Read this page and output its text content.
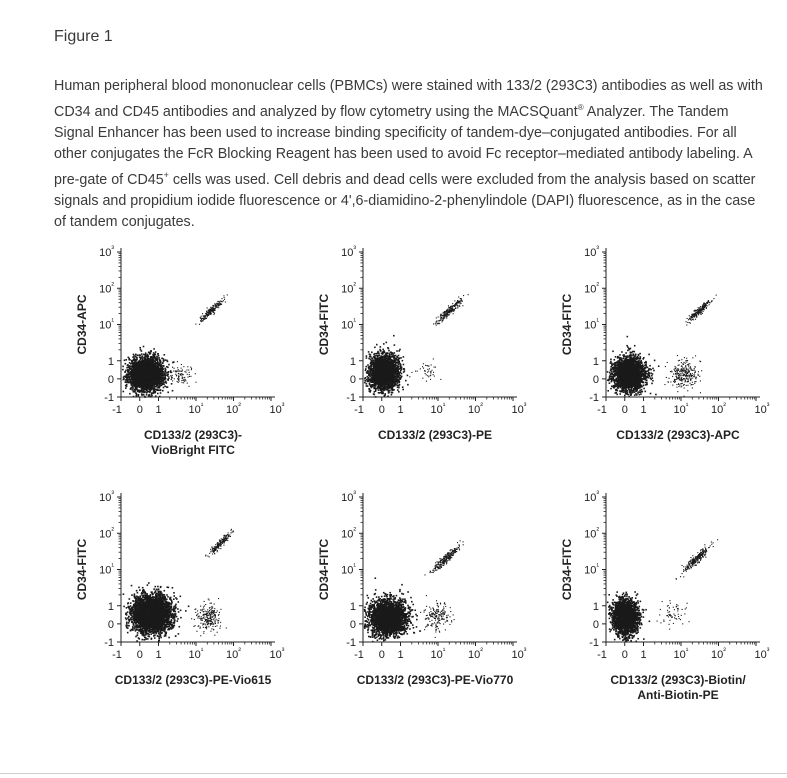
Figure 1
Human peripheral blood mononuclear cells (PBMCs) were stained with 133/2 (293C3) antibodies as well as with CD34 and CD45 antibodies and analyzed by flow cytometry using the MACSQuant® Analyzer. The Tandem Signal Enhancer has been used to increase binding specificity of tandem-dye–conjugated antibodies. For all other conjugates the FcR Blocking Reagent has been used to avoid Fc receptor–mediated antibody labeling. A pre-gate of CD45+ cells was used. Cell debris and dead cells were excluded from the analysis based on scatter signals and propidium iodide fluorescence or 4',6-diamidino-2-phenylindole (DAPI) fluorescence, as in the case of tandem conjugates.
CD34-APC
-1
-1
0
0
1
1
$10^{^1}$
$10^{^1}$
$10^{^2}$
$10^{^2}$
$10^{^3}$
$10^{^3}$
CD133/2 (293C3)-
VioBright FITC
CD34-FITC
-1
-1
0
0
1
1
$10^{^1}$
$10^{^1}$
$10^{^2}$
$10^{^2}$
$10^{^3}$
$10^{^3}$
CD133/2 (293C3)-PE
CD34-FITC
-1
-1
0
0
1
1
$10^{^1}$
$10^{^1}$
$10^{^2}$
$10^{^2}$
$10^{^3}$
$10^{^3}$
CD133/2 (293C3)-APC
CD34-FITC
-1
-1
0
0
1
1
$10^{^1}$
$10^{^1}$
$10^{^2}$
$10^{^2}$
$10^{^3}$
$10^{^3}$
CD133/2 (293C3)-PE-Vio615
CD34-FITC
-1
-1
0
0
1
1
$10^{^1}$
$10^{^1}$
$10^{^2}$
$10^{^2}$
$10^{^3}$
$10^{^3}$
CD133/2 (293C3)-PE-Vio770
CD34-FITC
-1
-1
0
0
1
1
$10^{^1}$
$10^{^1}$
$10^{^2}$
$10^{^2}$
$10^{^3}$
$10^{^3}$
CD133/2 (293C3)-Biotin/
Anti-Biotin-PE
